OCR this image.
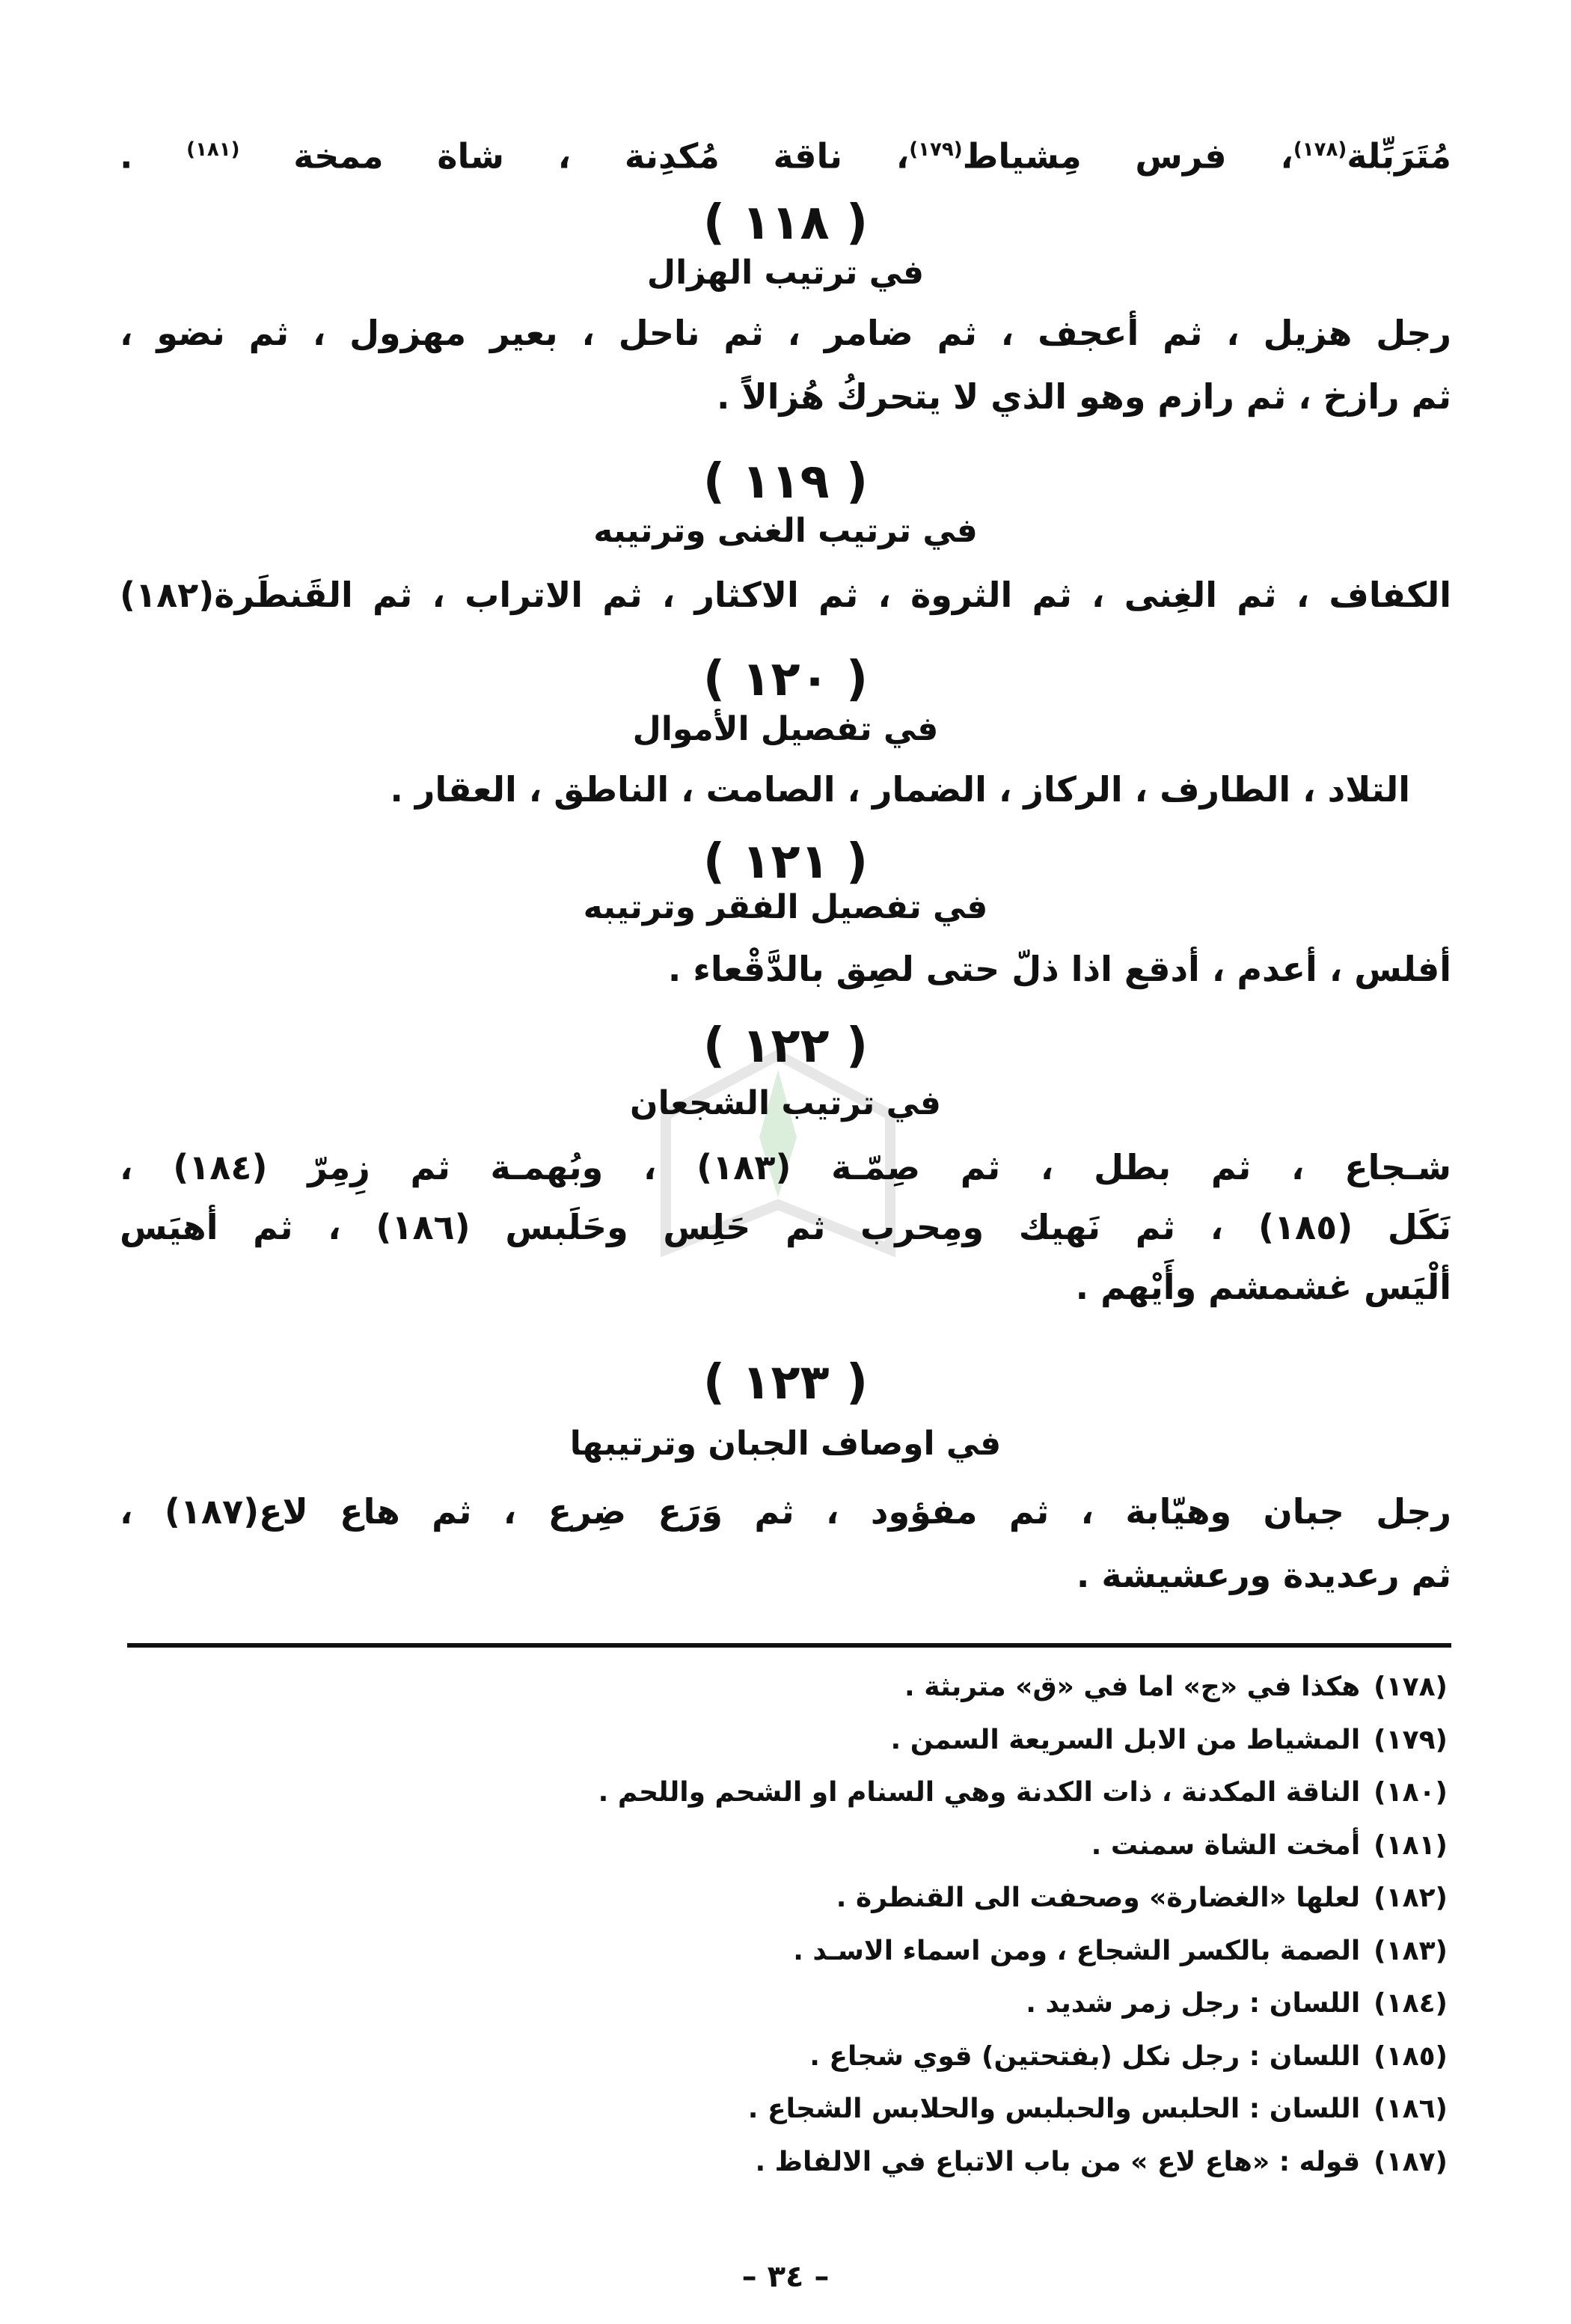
مُتَرَبِّلة$^{(١٧٨)}$، فرس مِشياط$^{(١٧٩)}$، ناقة مُكدِنة ، شاة ممخة $^{(١٨١)}$ .
( ١١٨ )
في ترتيب الهزال
رجل هزيل ، ثم أعجف ، ثم ضامر ، ثم ناحل ، بعير مهزول ، ثم نضو ،
ثم رازخ ، ثم رازم وهو الذي لا يتحركُ هُزالاً .
( ١١٩ )
في ترتيب الغنى وترتيبه
الكفاف ، ثم الغِنى ، ثم الثروة ، ثم الاكثار ، ثم الاتراب ، ثم القَنطَرة(١٨٢)
( ١٢٠ )
في تفصيل الأموال
التلاد ، الطارف ، الركاز ، الضمار ، الصامت ، الناطق ، العقار .
( ١٢١ )
في تفصيل الفقر وترتيبه
أفلس ، أعدم ، أدقع اذا ذلّ حتى لصِق بالدَّقْعاء .
( ١٢٢ )
في ترتيب الشجعان
شـجاع ، ثم بطل ، ثم صِمّـة (١٨٣) ، وبُهمـة ثم زِمِرّ (١٨٤) ،
نَكَل (١٨٥) ، ثم نَهيك ومِحرب ثم حَلِس وحَلَبس (١٨٦) ، ثم أهيَس
ألْيَس غشمشم وأَيْهم .
( ١٢٣ )
في اوصاف الجبان وترتيبها
رجل جبان وهيّابة ، ثم مفؤود ، ثم وَرَع ضِرع ، ثم هاع لاع(١٨٧) ،
ثم رعديدة ورعشيشة .
(١٧٨)هكذا في «ج» اما في «ق» متربثة .
(١٧٩)المشياط من الابل السريعة السمن .
(١٨٠)الناقة المكدنة ، ذات الكدنة وهي السنام او الشحم واللحم .
(١٨١)أمخت الشاة سمنت .
(١٨٢)لعلها «الغضارة» وصحفت الى القنطرة .
(١٨٣)الصمة بالكسر الشجاع ، ومن اسماء الاسـد .
(١٨٤)اللسان : رجل زمر شديد .
(١٨٥)اللسان : رجل نكل (بفتحتين) قوي شجاع .
(١٨٦)اللسان : الحلبس والحبلبس والحلابس الشجاع .
(١٨٧)قوله : «هاع لاع » من باب الاتباع في الالفاظ .
– ٣٤ –
